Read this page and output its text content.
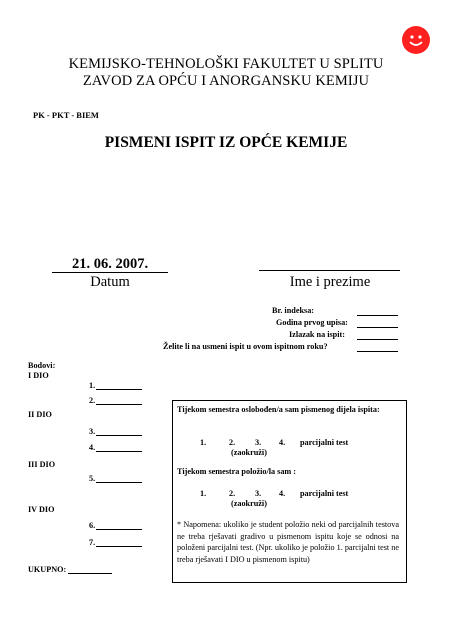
KEMIJSKO-TEHNOLOŠKI FAKULTET U SPLITU
ZAVOD ZA OPĆU I ANORGANSKU KEMIJU
PK - PKT - BIEM
PISMENI ISPIT IZ OPĆE KEMIJE
21. 06. 2007.
Datum	Ime i prezime
Br. indeksa:
Godina prvog upisa:
Izlazak na ispit:
Želite li na usmeni ispit u ovom ispitnom roku?
Bodovi:
I DIO
1.
2.
II DIO
3.
4.
III DIO
5.
IV DIO
6.
7.
UKUPNO:
Tijekom semestra oslobođen/a sam pismenog dijela ispita:
1.	2. 3. 4. parcijalni test
(zaokruži)
Tijekom semestra položio/la sam :
1.	2. 3. 4. parcijalni test
(zaokruži)
* Napomena: ukoliko je student položio neki od parcijalnih testova ne treba rješavati gradivo u pismenom ispitu koje se odnosi na položeni parcijalni test. (Npr. ukoliko je položio 1. parcijalni test ne treba rješavati I DIO u pismenom ispitu)
